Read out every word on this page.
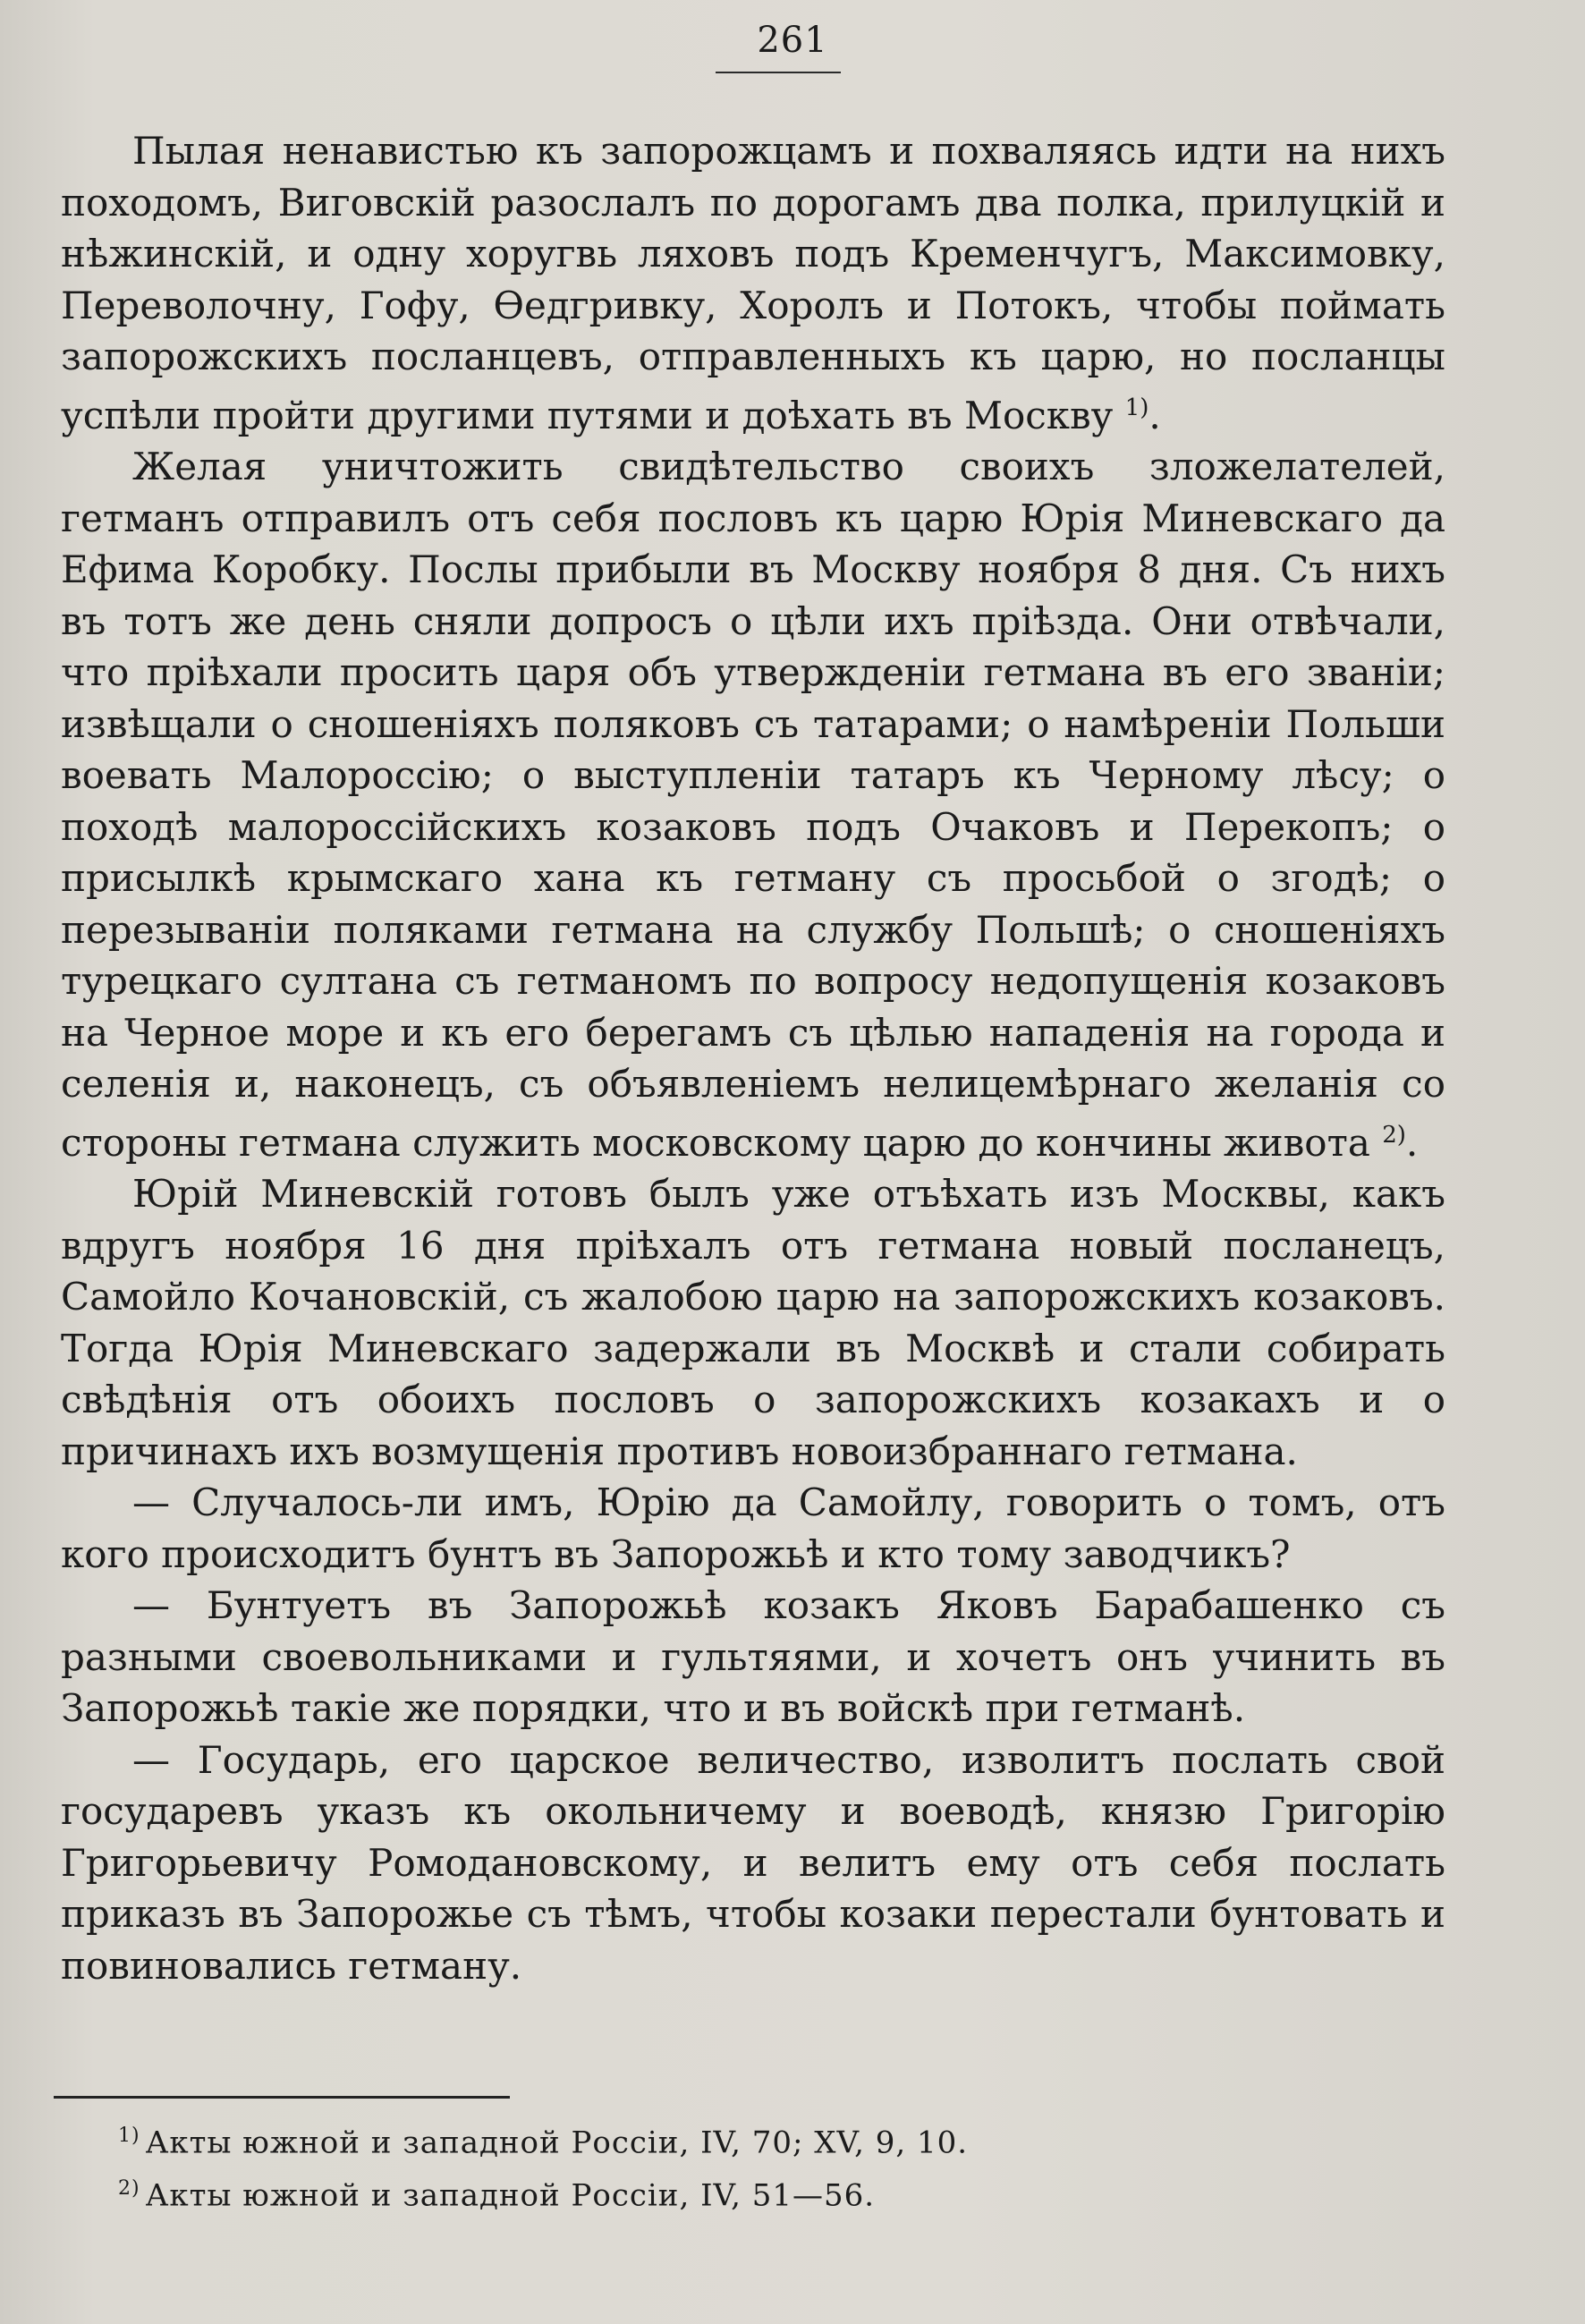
261

Пылая ненавистью къ запорожцамъ и похваляясь идти на нихъ походомъ, Виговскій разослалъ по дорогамъ два полка, прилуцкій и нѣжинскій, и одну хоругвь ляховъ подъ Кременчугъ, Максимовку, Переволочну, Гофу, Ѳедгривку, Хоролъ и Потокъ, чтобы поймать запорожскихъ посланцевъ, отправленныхъ къ царю, но посланцы успѣли пройти другими путями и доѣхать въ Москву $^{1)}$.

Желая уничтожить свидѣтельство своихъ зложелателей, гетманъ отправилъ отъ себя пословъ къ царю Юрія Миневскаго да Ефима Коробку. Послы прибыли въ Москву ноября 8 дня. Съ нихъ въ тотъ же день сняли допросъ о цѣли ихъ пріѣзда. Они отвѣчали, что пріѣхали просить царя объ утвержденіи гетмана въ его званіи; извѣщали о сношеніяхъ поляковъ съ татарами; о намѣреніи Польши воевать Малороссію; о выступленіи татаръ къ Черному лѣсу; о походѣ малороссійскихъ козаковъ подъ Очаковъ и Перекопъ; о присылкѣ крымскаго хана къ гетману съ просьбой о згодѣ; о перезываніи поляками гетмана на службу Польшѣ; о сношеніяхъ турецкаго султана съ гетманомъ по вопросу недопущенія козаковъ на Черное море и къ его берегамъ съ цѣлью нападенія на города и селенія и, наконецъ, съ объявленіемъ нелицемѣрнаго желанія со стороны гетмана служить московскому царю до кончины живота $^{2)}$.

Юрій Миневскій готовъ былъ уже отъѣхать изъ Москвы, какъ вдругъ ноября 16 дня пріѣхалъ отъ гетмана новый посланецъ, Самойло Кочановскій, съ жалобою царю на запорожскихъ козаковъ. Тогда Юрія Миневскаго задержали въ Москвѣ и стали собирать свѣдѣнія отъ обоихъ пословъ о запорожскихъ козакахъ и о причинахъ ихъ возмущенія противъ новоизбраннаго гетмана.

— Случалось-ли имъ, Юрію да Самойлу, говорить о томъ, отъ кого происходитъ бунтъ въ Запорожьѣ и кто тому заводчикъ?

— Бунтуетъ въ Запорожьѣ козакъ Яковъ Барабашенко съ разными своевольниками и гультяями, и хочетъ онъ учинить въ Запорожьѣ такіе же порядки, что и въ войскѣ при гетманѣ.

— Государь, его царское величество, изволитъ послать свой государевъ указъ къ окольничему и воеводѣ, князю Григорію Григорьевичу Ромодановскому, и велитъ ему отъ себя послать приказъ въ Запорожье съ тѣмъ, чтобы козаки перестали бунтовать и повиновались гетману.

$^{1)}$ Акты южной и западной Россіи, IV, 70; XV, 9, 10.

$^{2)}$ Акты южной и западной Россіи, IV, 51—56.
